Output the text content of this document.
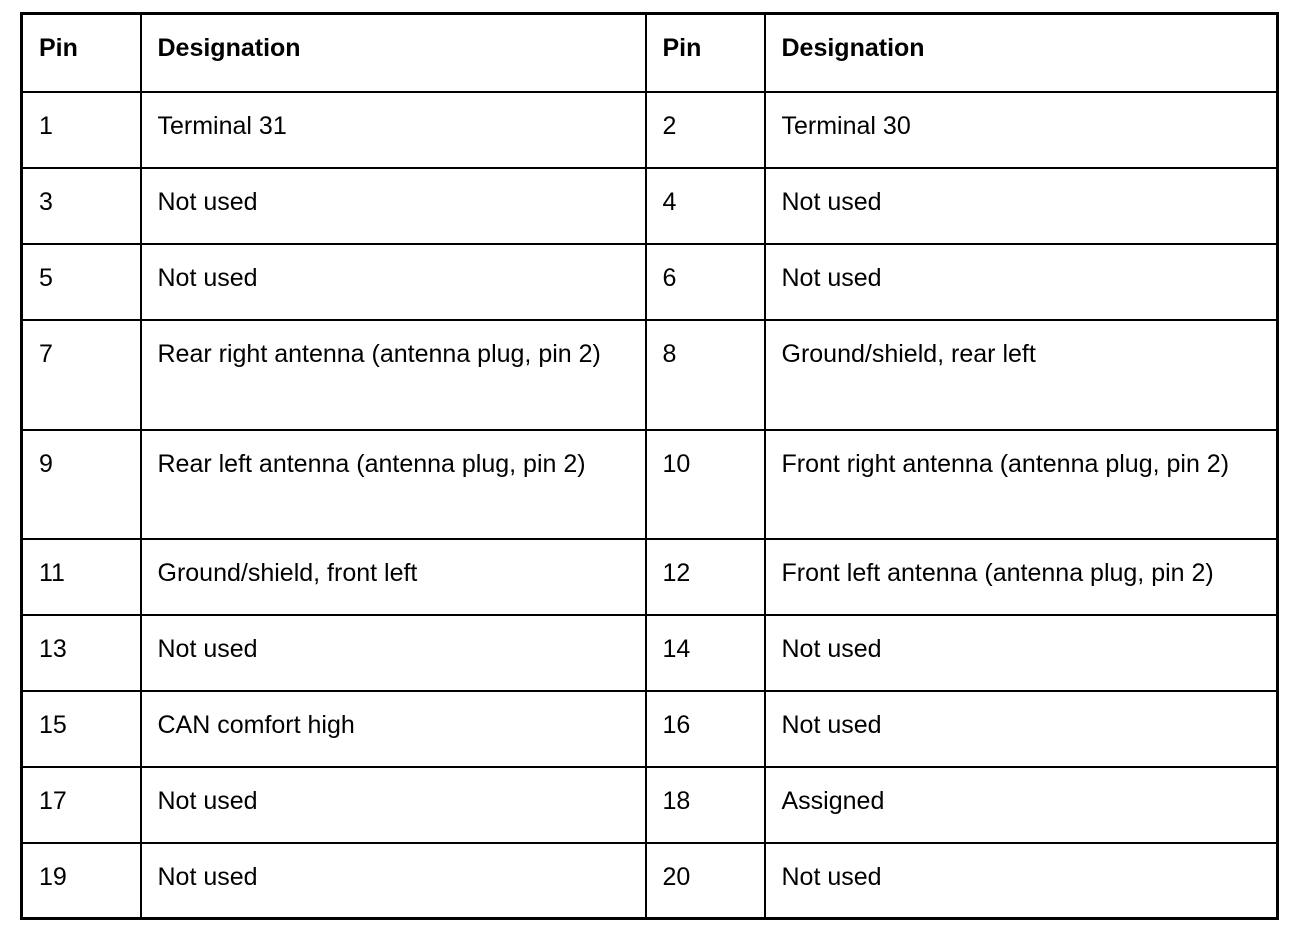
Pin	Designation	Pin	Designation
1	Terminal 31	2	Terminal 30
3	Not used	4	Not used
5	Not used	6	Not used
7	Rear right antenna (antenna plug, pin 2)	8	Ground/shield, rear left
9	Rear left antenna (antenna plug, pin 2)	10	Front right antenna (antenna plug, pin 2)
11	Ground/shield, front left	12	Front left antenna (antenna plug, pin 2)
13	Not used	14	Not used
15	CAN comfort high	16	Not used
17	Not used	18	Assigned
19	Not used	20	Not used
